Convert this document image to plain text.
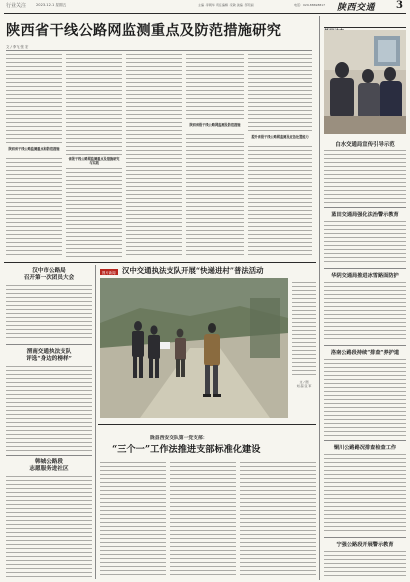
行业关注	2023.12.1 星期五	主编 ·李朝华 责任编辑 ·宋敏 美编 ·邹宛丽	电话：029-88698817 陕西交通 3
陕西省干线公路网监测重点及防范措施研究
文 / 李飞 张 宏
陕西省干线公路监测重点和防范措施
省级干线公路网监测重点及措施研究与实践
陕西省级干线公路网监测及防范措施
提升省级干线公路网监测及应急处置能力
汉中市公路局
召开第一次团员大会
渭南交通执法支队
评选“身边的榜样”
韩城公路段
志愿服务进社区
图片新闻 汉中交通执法支队开展“快递进村”普法活动
文 / 图
刘 超 张 军
陇县西安交队第一党支部：
“三个一”工作法推进支部标准化建设
白水交通局宣传引导示范
蓝田交通局强化法治警示教育
华阴交通局推进冰雪路面防护
洛南公路段持续“排查”养护道
铜川公路路况排查检查工作
宁强公路段开展警示教育
